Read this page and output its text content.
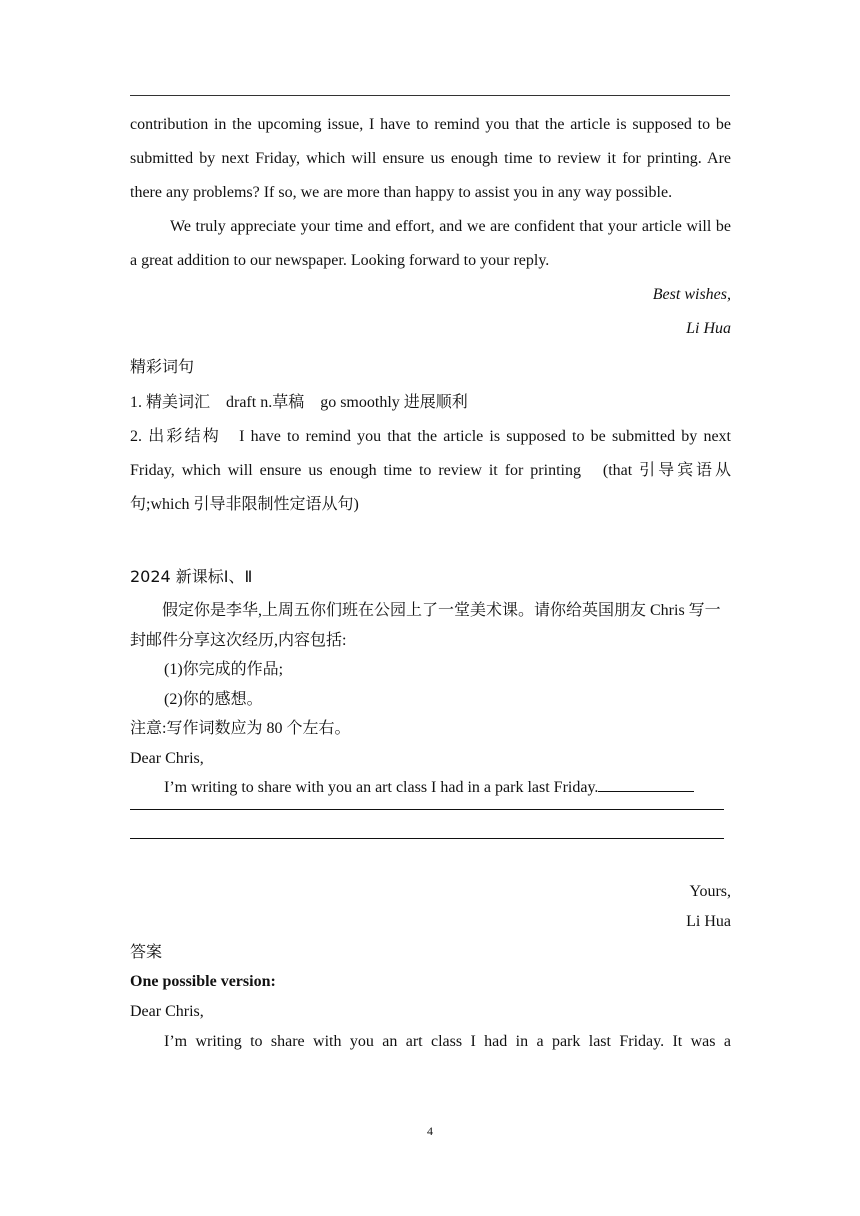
contribution in the upcoming issue, I have to remind you that the article is supposed to be submitted by next Friday, which will ensure us enough time to review it for printing. Are there any problems? If so, we are more than happy to assist you in any way possible.

We truly appreciate your time and effort, and we are confident that your article will be a great addition to our newspaper. Looking forward to your reply.

Best wishes,

Li Hua

精彩词句

1. 精美词汇　draft n.草稿　go smoothly 进展顺利

2. 出彩结构　I have to remind you that the article is supposed to be submitted by next Friday, which will ensure us enough time to review it for printing　(that 引导宾语从句;which 引导非限制性定语从句)

2024 新课标Ⅰ、Ⅱ

假定你是李华,上周五你们班在公园上了一堂美术课。请你给英国朋友 Chris 写一封邮件分享这次经历,内容包括:

(1)你完成的作品;

(2)你的感想。

注意:写作词数应为 80 个左右。

Dear Chris,

I’m writing to share with you an art class I had in a park last Friday.

Yours,

Li Hua

答案

One possible version:

Dear Chris,

I’m writing to share with you an art class I had in a park last Friday. It was a

4
